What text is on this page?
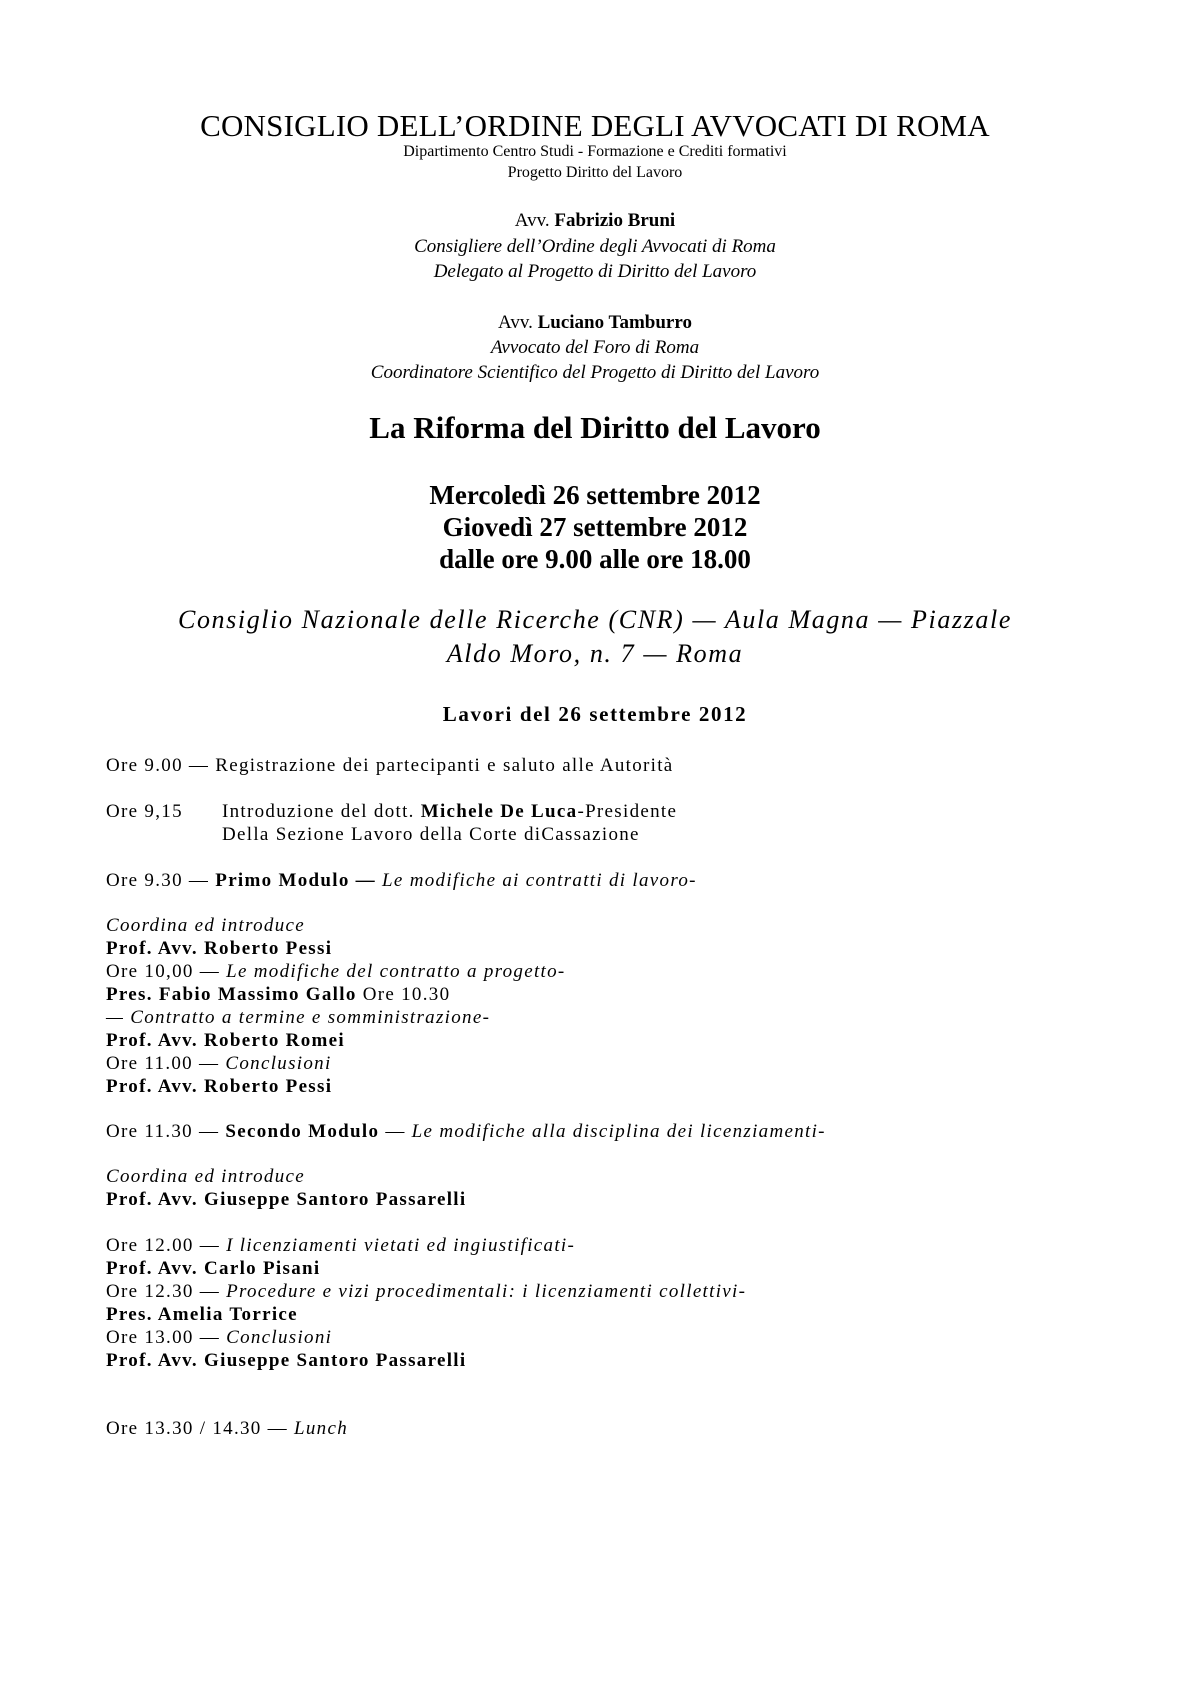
CONSIGLIO DELL’ORDINE DEGLI AVVOCATI DI ROMA
Dipartimento Centro Studi - Formazione e Crediti formativi
Progetto Diritto del Lavoro
Avv. Fabrizio Bruni
Consigliere dell’Ordine degli Avvocati di Roma
Delegato al Progetto di Diritto del Lavoro
Avv. Luciano Tamburro
Avvocato del Foro di Roma
Coordinatore Scientifico del Progetto di Diritto del Lavoro
La Riforma del Diritto del Lavoro
Mercoledì 26 settembre 2012
Giovedì 27 settembre 2012
dalle ore 9.00 alle ore 18.00
Consiglio Nazionale delle Ricerche (CNR) — Aula Magna — Piazzale
Aldo Moro, n. 7 — Roma
Lavori del 26 settembre 2012
Ore 9.00 — Registrazione dei partecipanti e saluto alle Autorità
Ore 9,15 Introduzione del dott. Michele De Luca-Presidente
Della Sezione Lavoro della Corte diCassazione
Ore 9.30 — Primo Modulo — Le modifiche ai contratti di lavoro-
Coordina ed introduce
Prof. Avv. Roberto Pessi
Ore 10,00 — Le modifiche del contratto a progetto-
Pres. Fabio Massimo Gallo Ore 10.30
— Contratto a termine e somministrazione-
Prof. Avv. Roberto Romei
Ore 11.00 — Conclusioni
Prof. Avv. Roberto Pessi
Ore 11.30 — Secondo Modulo — Le modifiche alla disciplina dei licenziamenti-
Coordina ed introduce
Prof. Avv. Giuseppe Santoro Passarelli
Ore 12.00 — I licenziamenti vietati ed ingiustificati-
Prof. Avv. Carlo Pisani
Ore 12.30 — Procedure e vizi procedimentali: i licenziamenti collettivi-
Pres. Amelia Torrice
Ore 13.00 — Conclusioni
Prof. Avv. Giuseppe Santoro Passarelli
Ore 13.30 / 14.30 — Lunch
